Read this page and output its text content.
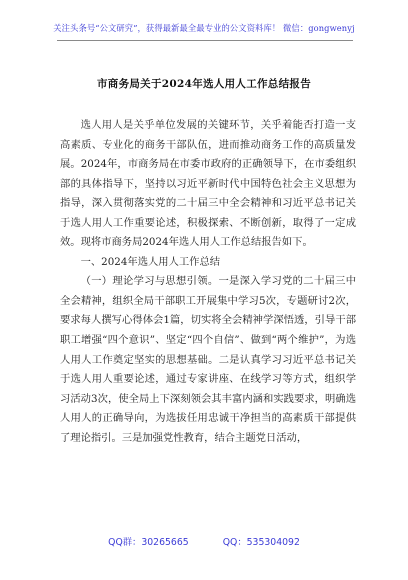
关注头条号“公文研究”，获得最新最全最专业的公文资料库！ 微信：gongwenyj
市商务局关于2024年选人用人工作总结报告

选人用人是关乎单位发展的关键环节，关乎着能否打造一支高素质、专业化的商务干部队伍，进而推动商务工作的高质量发展。2024年，市商务局在市委市政府的正确领导下，在市委组织部的具体指导下，坚持以习近平新时代中国特色社会主义思想为指导，深入贯彻落实党的二十届三中全会精神和习近平总书记关于选人用人工作重要论述，积极探索、不断创新，取得了一定成效。现将市商务局2024年选人用人工作总结报告如下。

一、2024年选人用人工作总结

（一）理论学习与思想引领。一是深入学习党的二十届三中全会精神，组织全局干部职工开展集中学习5次，专题研讨2次，要求每人撰写心得体会1篇，切实将全会精神学深悟透，引导干部职工增强“四个意识”、坚定“四个自信”、做到“两个维护”，为选人用人工作奠定坚实的思想基础。二是认真学习习近平总书记关于选人用人重要论述，通过专家讲座、在线学习等方式，组织学习活动3次，使全局上下深刻领会其丰富内涵和实践要求，明确选人用人的正确导向，为选拔任用忠诚干净担当的高素质干部提供了理论指引。三是加强党性教育，结合主题党日活动，

QQ群：30265665	QQ：535304092
